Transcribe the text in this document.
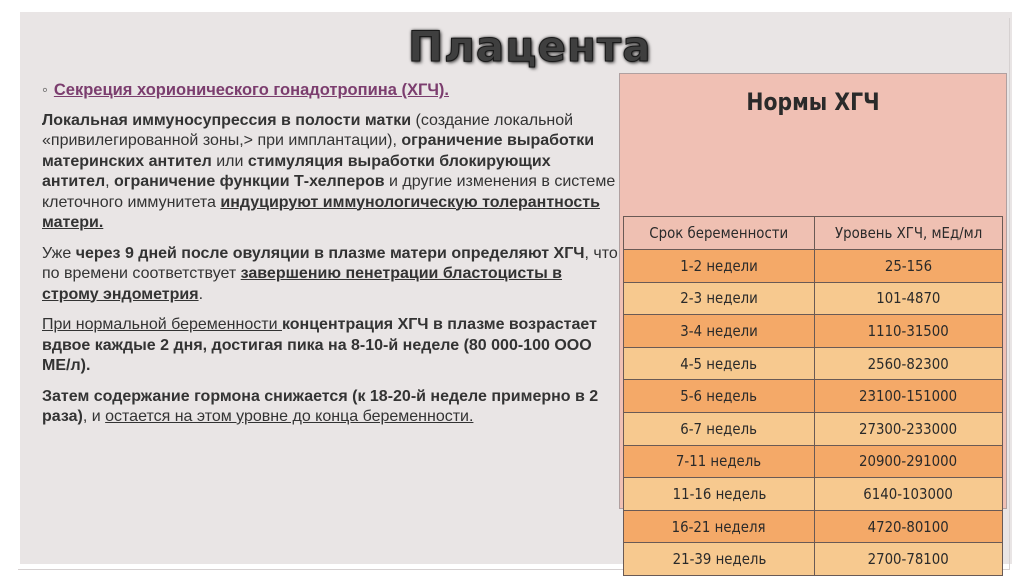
Плацента

◦ Секреция хорионического гонадотропина (ХГЧ).

Локальная иммуносупрессия в полости матки (создание локальной «привилегированной зоны,> при имплантации), ограничение выработки материнских антител или стимуляция выработки блокирующих антител, ограничение функции Т-хелперов и другие изменения в системе клеточного иммунитета индуцируют иммунологическую толерантность матери.

Уже через 9 дней после овуляции в плазме матери определяют ХГЧ, что по времени соответствует завершению пенетрации бластоцисты в строму эндометрия.

При нормальной беременности концентрация ХГЧ в плазме возрастает вдвое каждые 2 дня, достигая пика на 8-10-й неделе (80 000-100 ООО МЕ/л).

Затем содержание гормона снижается (к 18-20-й неделе примерно в 2 раза), и остается на этом уровне до конца беременности.

Нормы ХГЧ
Срок беременности	Уровень ХГЧ, мЕд/мл
1-2 недели	25-156
2-3 недели	101-4870
3-4 недели	1110-31500
4-5 недель	2560-82300
5-6 недель	23100-151000
6-7 недель	27300-233000
7-11 недель	20900-291000
11-16 недель	6140-103000
16-21 неделя	4720-80100
21-39 недель	2700-78100
